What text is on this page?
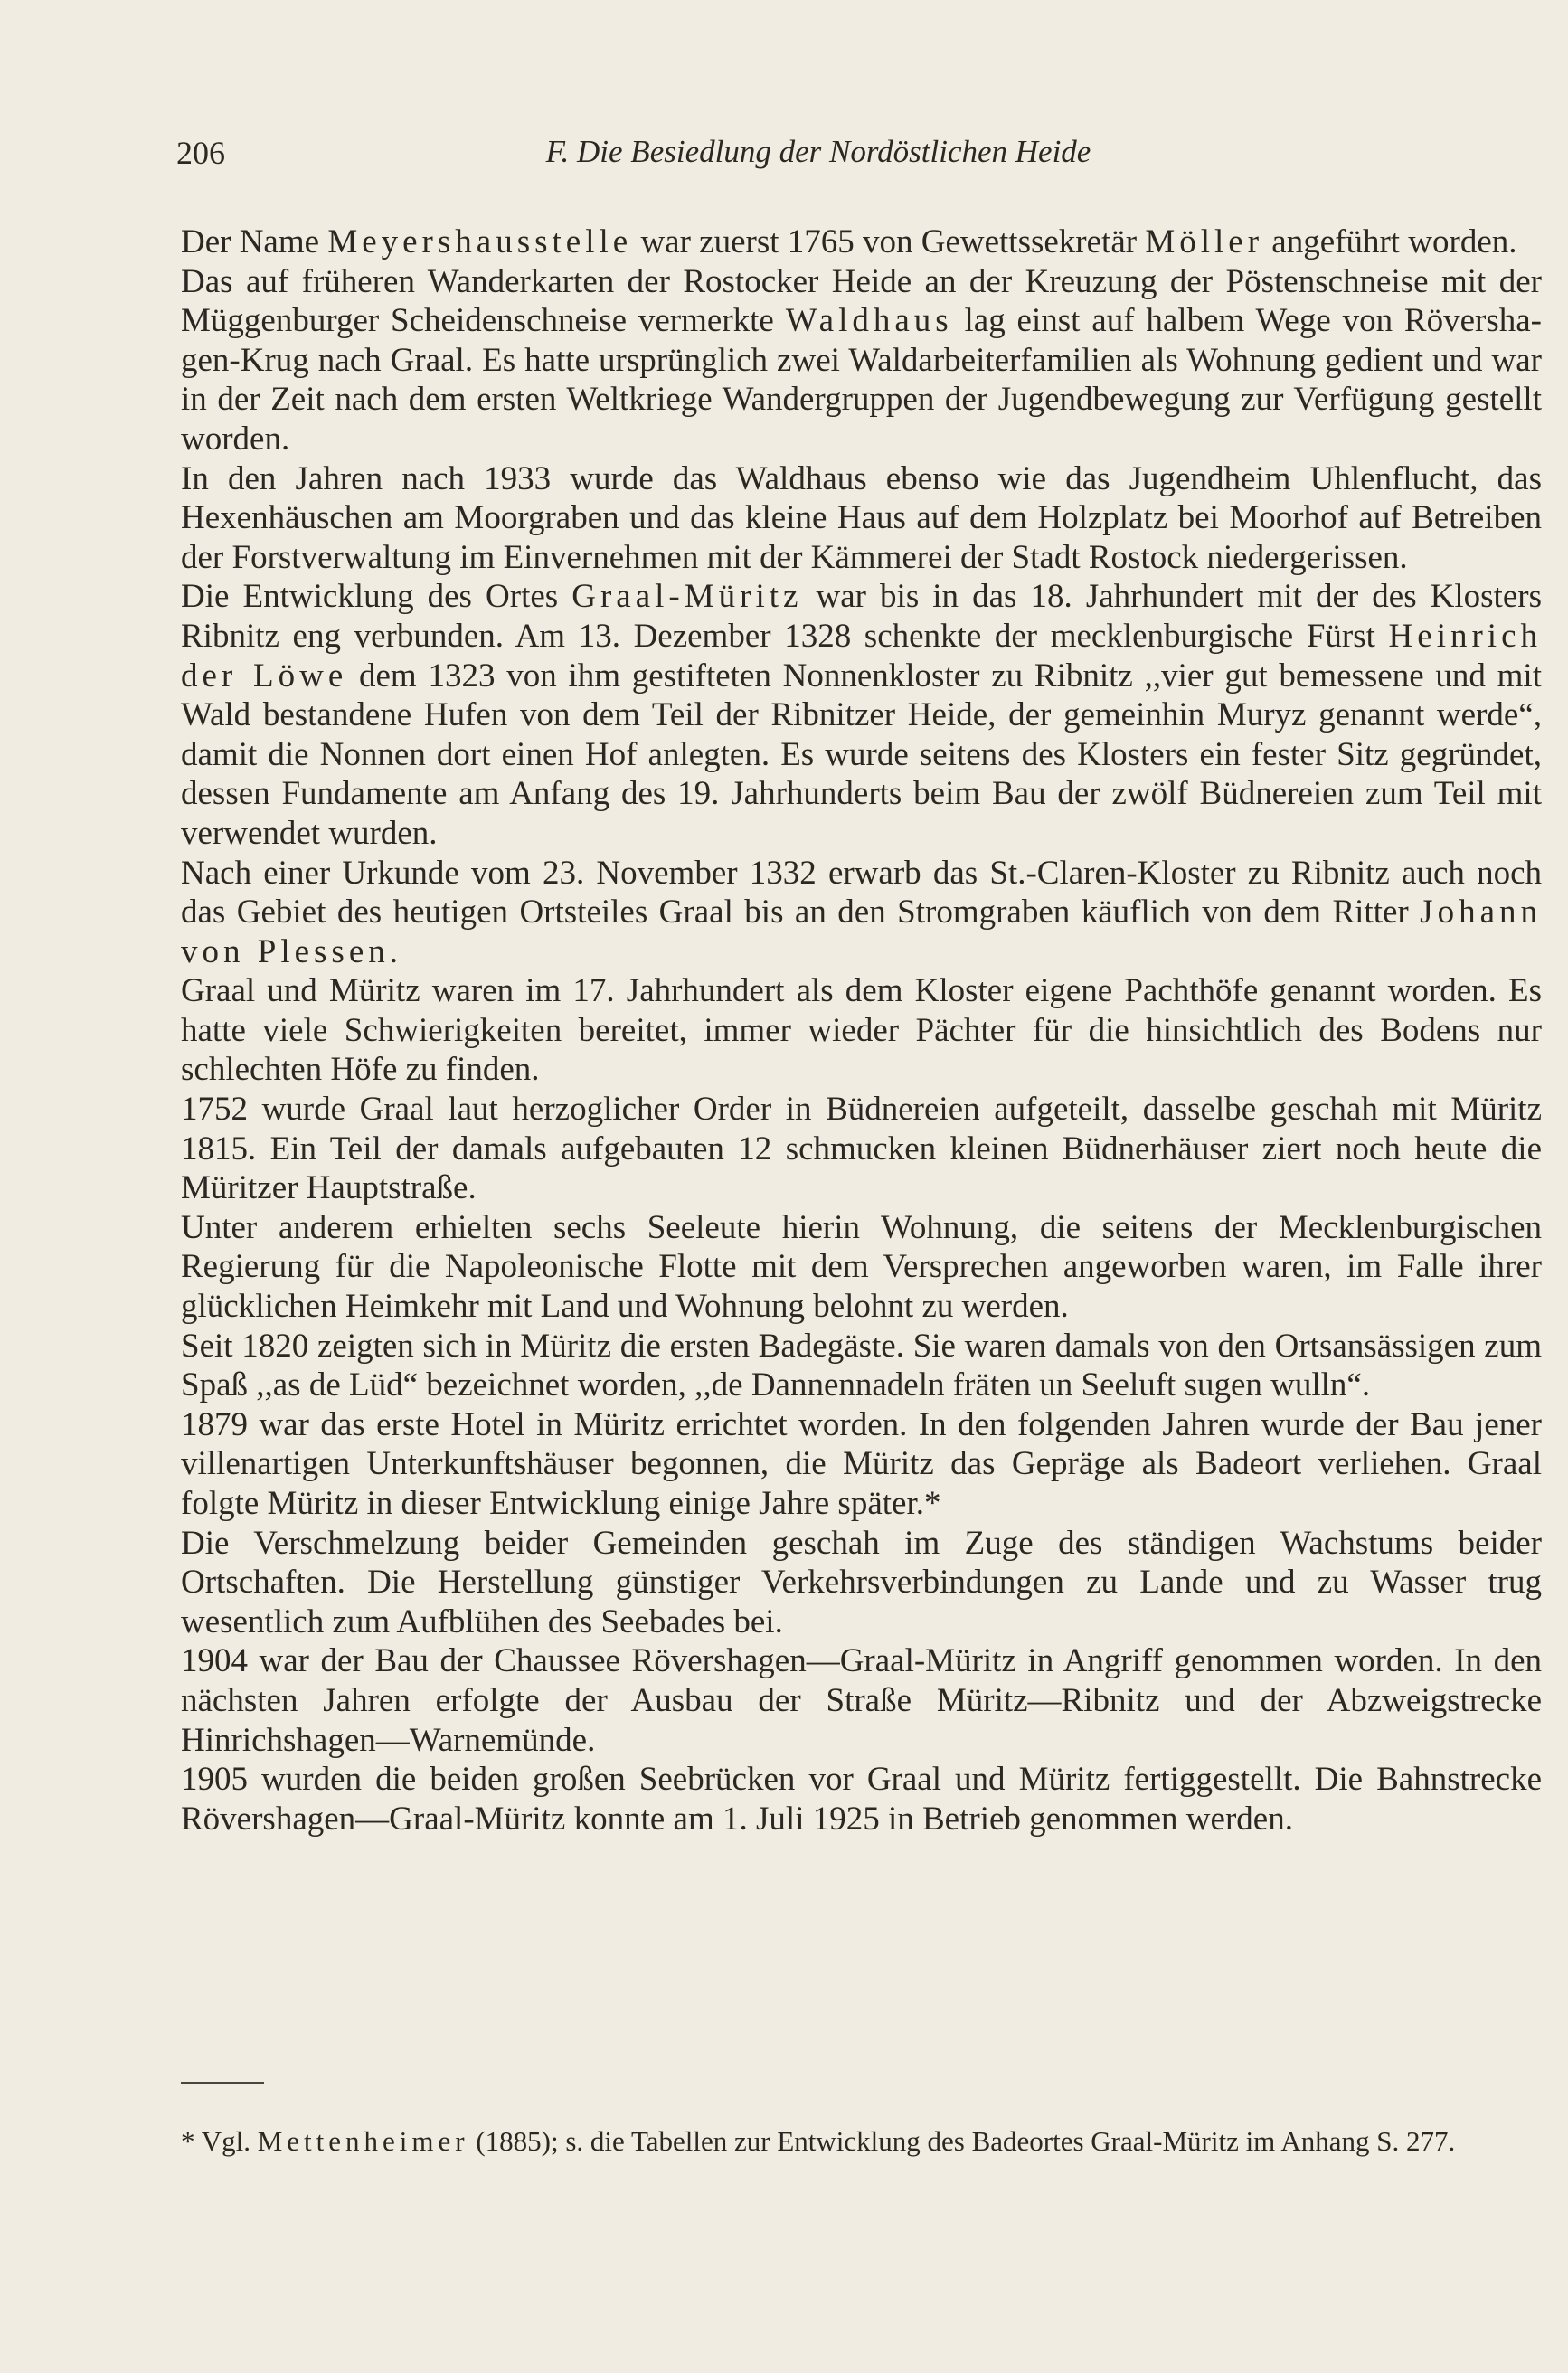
206	F. Die Besiedlung der Nordöstlichen Heide

Der Name Meyershausstelle war zuerst 1765 von Gewettssekretär Möller angeführt worden.

Das auf früheren Wanderkarten der Rostocker Heide an der Kreuzung der Pöstenschneise mit der Müggenburger Scheidenschneise vermerkte Waldhaus lag einst auf halbem Wege von Rövershagen-Krug nach Graal. Es hatte ursprünglich zwei Waldarbeiterfamilien als Wohnung gedient und war in der Zeit nach dem ersten Weltkriege Wandergruppen der Jugendbewegung zur Verfügung gestellt worden.

In den Jahren nach 1933 wurde das Waldhaus ebenso wie das Jugendheim Uhlenflucht, das Hexenhäuschen am Moorgraben und das kleine Haus auf dem Holzplatz bei Moorhof auf Betreiben der Forstverwaltung im Einvernehmen mit der Kämmerei der Stadt Rostock niedergerissen.

Die Entwicklung des Ortes Graal-Müritz war bis in das 18. Jahrhundert mit der des Klosters Ribnitz eng verbunden. Am 13. Dezember 1328 schenkte der mecklenburgische Fürst Heinrich der Löwe dem 1323 von ihm gestifteten Nonnenkloster zu Ribnitz ,,vier gut bemessene und mit Wald bestandene Hufen von dem Teil der Ribnitzer Heide, der gemeinhin Muryz genannt werde“, damit die Nonnen dort einen Hof anlegten. Es wurde seitens des Klosters ein fester Sitz gegründet, dessen Fundamente am Anfang des 19. Jahrhunderts beim Bau der zwölf Büdnereien zum Teil mit verwendet wurden.

Nach einer Urkunde vom 23. November 1332 erwarb das St.-Claren-Kloster zu Ribnitz auch noch das Gebiet des heutigen Ortsteiles Graal bis an den Stromgraben käuflich von dem Ritter Johann von Plessen.

Graal und Müritz waren im 17. Jahrhundert als dem Kloster eigene Pachthöfe genannt worden. Es hatte viele Schwierigkeiten bereitet, immer wieder Pächter für die hinsichtlich des Bodens nur schlechten Höfe zu finden.

1752 wurde Graal laut herzoglicher Order in Büdnereien aufgeteilt, dasselbe geschah mit Müritz 1815. Ein Teil der damals aufgebauten 12 schmucken kleinen Büdnerhäuser ziert noch heute die Müritzer Hauptstraße.

Unter anderem erhielten sechs Seeleute hierin Wohnung, die seitens der Mecklenburgischen Regierung für die Napoleonische Flotte mit dem Versprechen angeworben waren, im Falle ihrer glücklichen Heimkehr mit Land und Wohnung belohnt zu werden.

Seit 1820 zeigten sich in Müritz die ersten Badegäste. Sie waren damals von den Ortsansässigen zum Spaß ,,as de Lüd“ bezeichnet worden, ,,de Dannennadeln fräten un Seeluft sugen wulln“.

1879 war das erste Hotel in Müritz errichtet worden. In den folgenden Jahren wurde der Bau jener villenartigen Unterkunftshäuser begonnen, die Müritz das Gepräge als Badeort verliehen. Graal folgte Müritz in dieser Entwicklung einige Jahre später.*

Die Verschmelzung beider Gemeinden geschah im Zuge des ständigen Wachstums beider Ortschaften. Die Herstellung günstiger Verkehrsverbindungen zu Lande und zu Wasser trug wesentlich zum Aufblühen des Seebades bei.

1904 war der Bau der Chaussee Rövershagen—Graal-Müritz in Angriff genommen worden. In den nächsten Jahren erfolgte der Ausbau der Straße Müritz—Ribnitz und der Abzweigstrecke Hinrichshagen—Warnemünde.

1905 wurden die beiden großen Seebrücken vor Graal und Müritz fertiggestellt. Die Bahnstrecke Rövershagen—Graal-Müritz konnte am 1. Juli 1925 in Betrieb genommen werden.

* Vgl. Mettenheimer (1885); s. die Tabellen zur Entwicklung des Badeortes Graal-Müritz im Anhang S. 277.
